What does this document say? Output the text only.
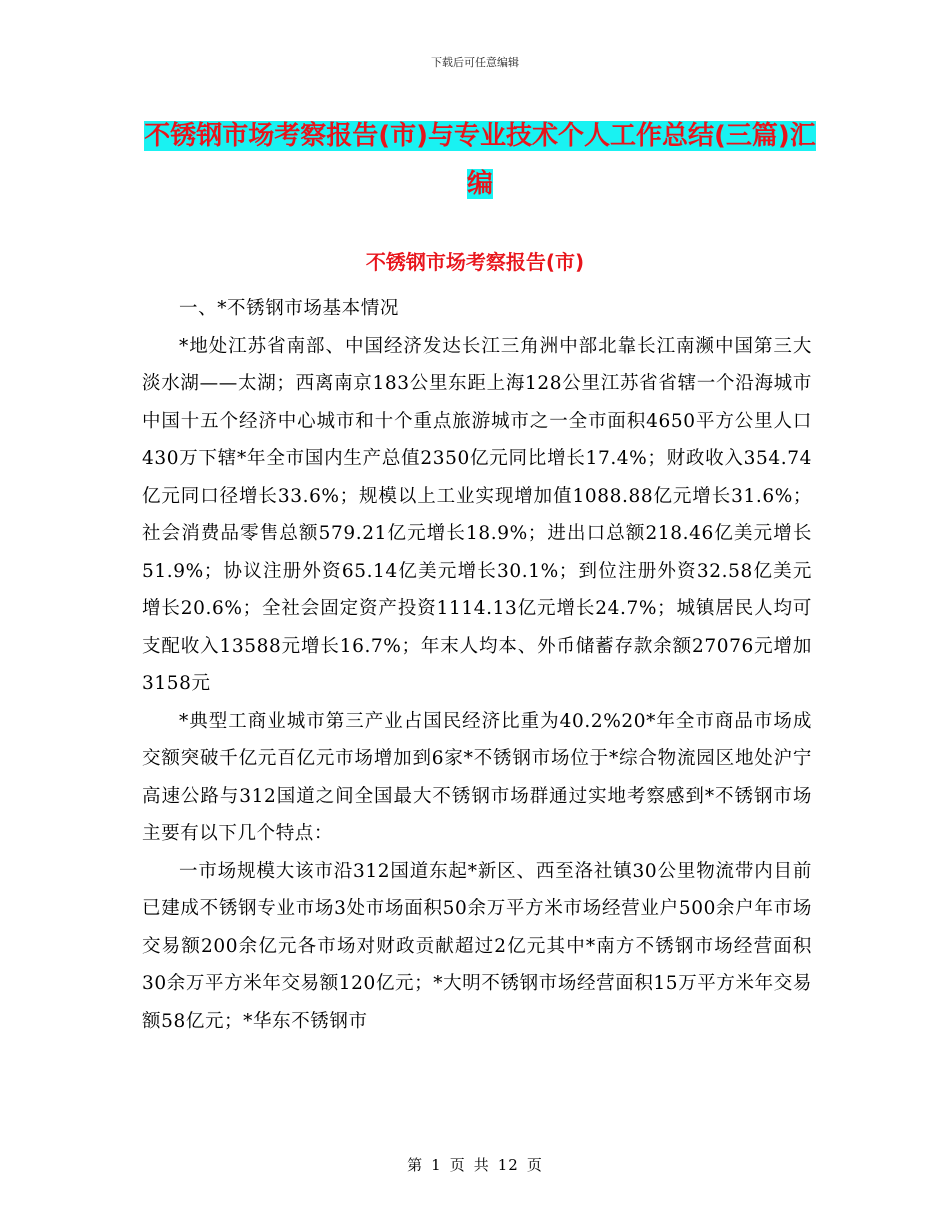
下载后可任意编辑
不锈钢市场考察报告(市)与专业技术个人工作总结(三篇)汇编
不锈钢市场考察报告(市)

一、*不锈钢市场基本情况

*地处江苏省南部、中国经济发达长江三角洲中部北靠长江南濒中国第三大淡水湖——太湖；西离南京183公里东距上海128公里江苏省省辖一个沿海城市中国十五个经济中心城市和十个重点旅游城市之一全市面积4650平方公里人口430万下辖*年全市国内生产总值2350亿元同比增长17.4%；财政收入354.74亿元同口径增长33.6%；规模以上工业实现增加值1088.88亿元增长31.6%；社会消费品零售总额579.21亿元增长18.9%；进出口总额218.46亿美元增长51.9%；协议注册外资65.14亿美元增长30.1%；到位注册外资32.58亿美元增长20.6%；全社会固定资产投资1114.13亿元增长24.7%；城镇居民人均可支配收入13588元增长16.7%；年末人均本、外币储蓄存款余额27076元增加3158元

*典型工商业城市第三产业占国民经济比重为40.2%20*年全市商品市场成交额突破千亿元百亿元市场增加到6家*不锈钢市场位于*综合物流园区地处沪宁高速公路与312国道之间全国最大不锈钢市场群通过实地考察感到*不锈钢市场主要有以下几个特点：

一市场规模大该市沿312国道东起*新区、西至洛社镇30公里物流带内目前已建成不锈钢专业市场3处市场面积50余万平方米市场经营业户500余户年市场交易额200余亿元各市场对财政贡献超过2亿元其中*南方不锈钢市场经营面积30余万平方米年交易额120亿元；*大明不锈钢市场经营面积15万平方米年交易额58亿元；*华东不锈钢市

第 1 页 共 12 页
